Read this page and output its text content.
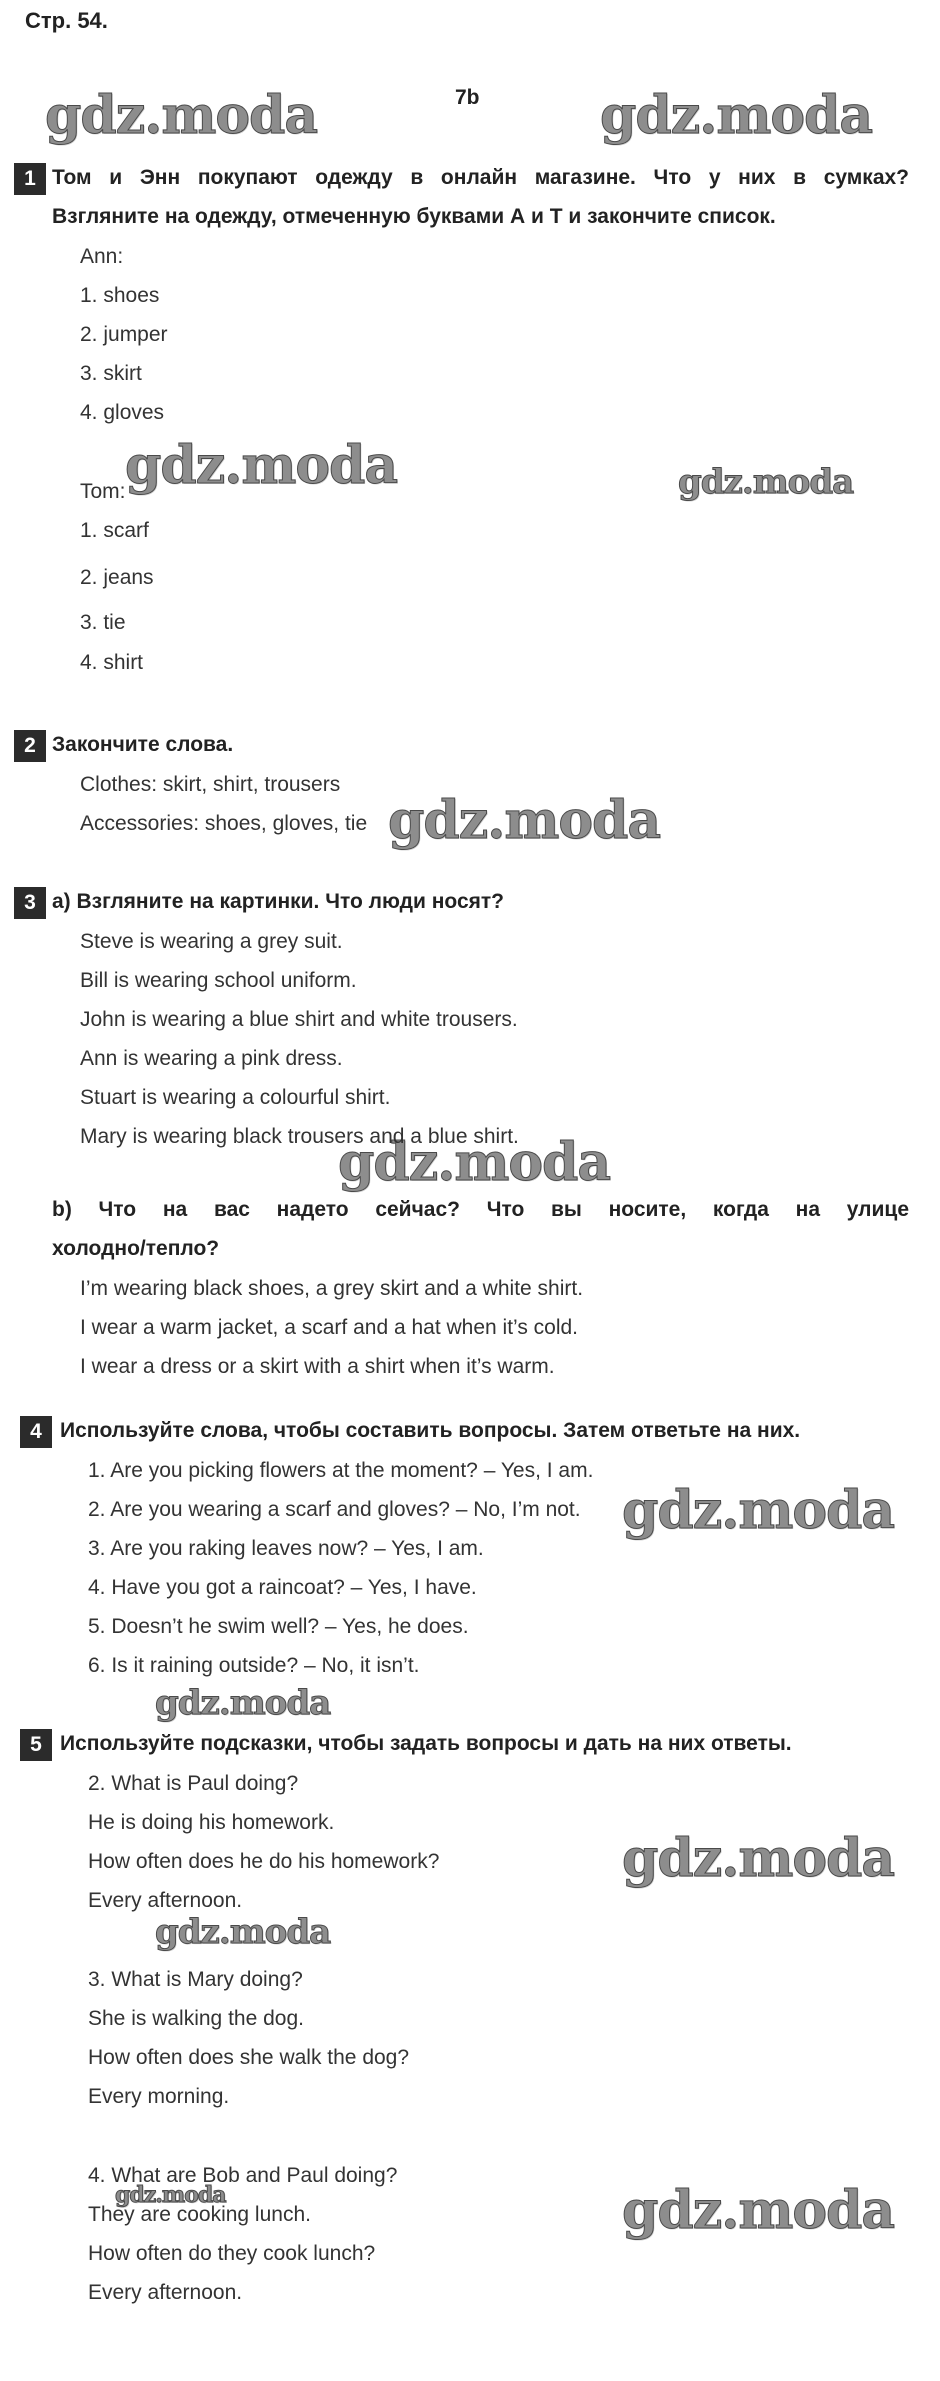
Стр. 54.
7b
gdz.moda	gdz.moda
gdz.moda	gdz.moda
gdz.moda
gdz.moda
gdz.moda
gdz.moda
gdz.moda
gdz.moda
gdz.moda	gdz.moda
1 Том и Энн покупают одежду в онлайн магазине. Что у них в сумках?
Взгляните на одежду, отмеченную буквами А и Т и закончите список.
Ann:
1. shoes
2. jumper
3. skirt
4. gloves
Tom:
1. scarf
2. jeans
3. tie
4. shirt
2 Закончите слова.
Clothes: skirt, shirt, trousers
Accessories: shoes, gloves, tie
3 a) Взгляните на картинки. Что люди носят?
Steve is wearing a grey suit.
Bill is wearing school uniform.
John is wearing a blue shirt and white trousers.
Ann is wearing a pink dress.
Stuart is wearing a colourful shirt.
Mary is wearing black trousers and a blue shirt.
b) Что на вас надето сейчас? Что вы носите, когда на улице
холодно/тепло?
I’m wearing black shoes, a grey skirt and a white shirt.
I wear a warm jacket, a scarf and a hat when it’s cold.
I wear a dress or a skirt with a shirt when it’s warm.
4 Используйте слова, чтобы составить вопросы. Затем ответьте на них.
1. Are you picking flowers at the moment? – Yes, I am.
2. Are you wearing a scarf and gloves? – No, I’m not.
3. Are you raking leaves now? – Yes, I am.
4. Have you got a raincoat? – Yes, I have.
5. Doesn’t he swim well? – Yes, he does.
6. Is it raining outside? – No, it isn’t.
5 Используйте подсказки, чтобы задать вопросы и дать на них ответы.
2. What is Paul doing?
He is doing his homework.
How often does he do his homework?
Every afternoon.
3. What is Mary doing?
She is walking the dog.
How often does she walk the dog?
Every morning.
4. What are Bob and Paul doing?
They are cooking lunch.
How often do they cook lunch?
Every afternoon.
